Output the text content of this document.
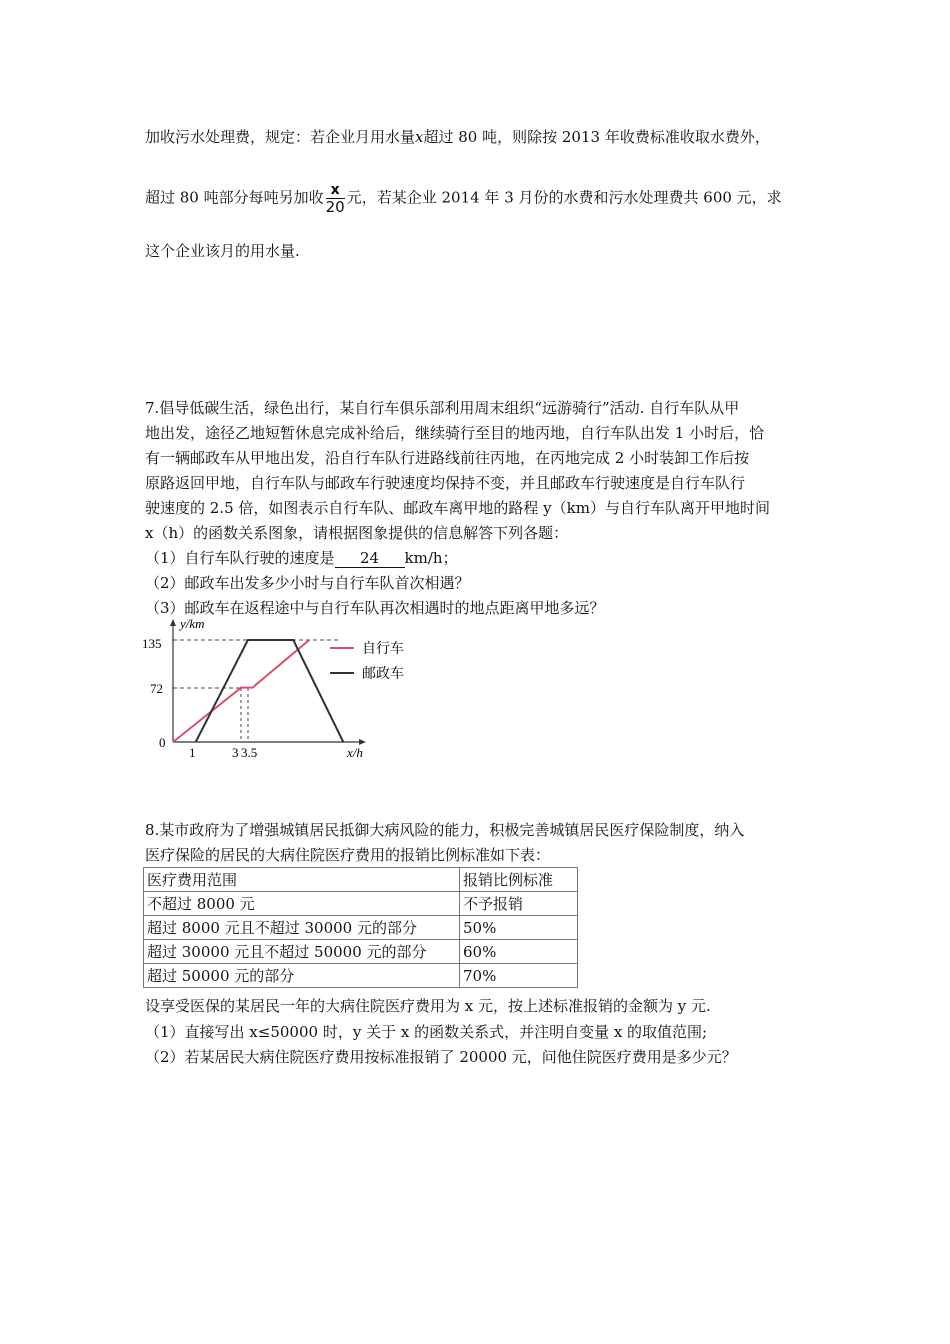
加收污水处理费，规定：若企业月用水量x超过 80 吨，则除按 2013 年收费标准收取水费外，
超过 80 吨部分每吨另加收 $\frac{x}{20}$ 元，若某企业 2014 年 3 月份的水费和污水处理费共 600 元，求
这个企业该月的用水量.
7.倡导低碳生活，绿色出行，某自行车俱乐部利用周末组织“远游骑行”活动. 自行车队从甲
地出发，途径乙地短暂休息完成补给后，继续骑行至目的地丙地，自行车队出发 1 小时后，恰
有一辆邮政车从甲地出发，沿自行车队行进路线前往丙地，在丙地完成 2 小时装卸工作后按
原路返回甲地，自行车队与邮政车行驶速度均保持不变，并且邮政车行驶速度是自行车队行
驶速度的 2.5 倍，如图表示自行车队、邮政车离甲地的路程 y（km）与自行车队离开甲地时间
x（h）的函数关系图象，请根据图象提供的信息解答下列各题：
（1）自行车队行驶的速度是 24 km/h；
（2）邮政车出发多少小时与自行车队首次相遇？
（3）邮政车在返程途中与自行车队再次相遇时的地点距离甲地多远？
y/km
x/h
135
72
0
1	3 3.5
自行车
邮政车
8.某市政府为了增强城镇居民抵御大病风险的能力，积极完善城镇居民医疗保险制度，纳入
医疗保险的居民的大病住院医疗费用的报销比例标准如下表：
医疗费用范围	报销比例标准
不超过 8000 元	不予报销
超过 8000 元且不超过 30000 元的部分	50%
超过 30000 元且不超过 50000 元的部分	60%
超过 50000 元的部分	70%
设享受医保的某居民一年的大病住院医疗费用为 x 元，按上述标准报销的金额为 y 元.
（1）直接写出 x≤50000 时，y 关于 x 的函数关系式，并注明自变量 x 的取值范围;
（2）若某居民大病住院医疗费用按标准报销了 20000 元，问他住院医疗费用是多少元？
